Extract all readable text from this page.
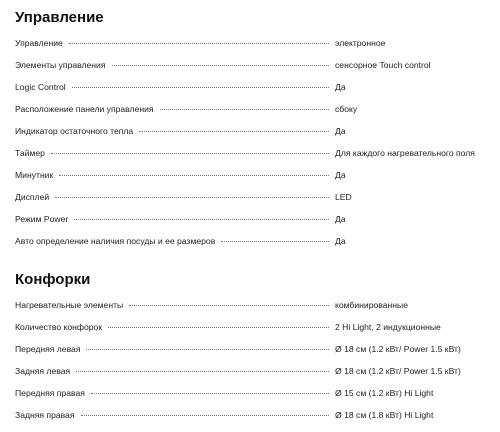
Управление
Управление	электронное
Элементы управления	сенсорное Touch control
Logic Control	Да
Расположение панели управления	сбоку
Индикатор остаточного тепла	Да
Таймер	Для каждого нагревательного поля
Минутник	Да
Дисплей	LED
Режим Power	Да
Авто определение наличия посуды и ее размеров	Да
Конфорки
Нагревательные элементы	комбинированные
Количество конфорок	2 Hi Light, 2 индукционные
Передняя левая	Ø 18 см (1.2 кВт/ Power 1.5 кВт)
Задняя левая	Ø 18 см (1.2 кВт/ Power 1.5 кВт)
Передняя правая	Ø 15 см (1.2 кВт) Hi Light
Задняя правая	Ø 18 см (1.8 кВт) Hi Light
